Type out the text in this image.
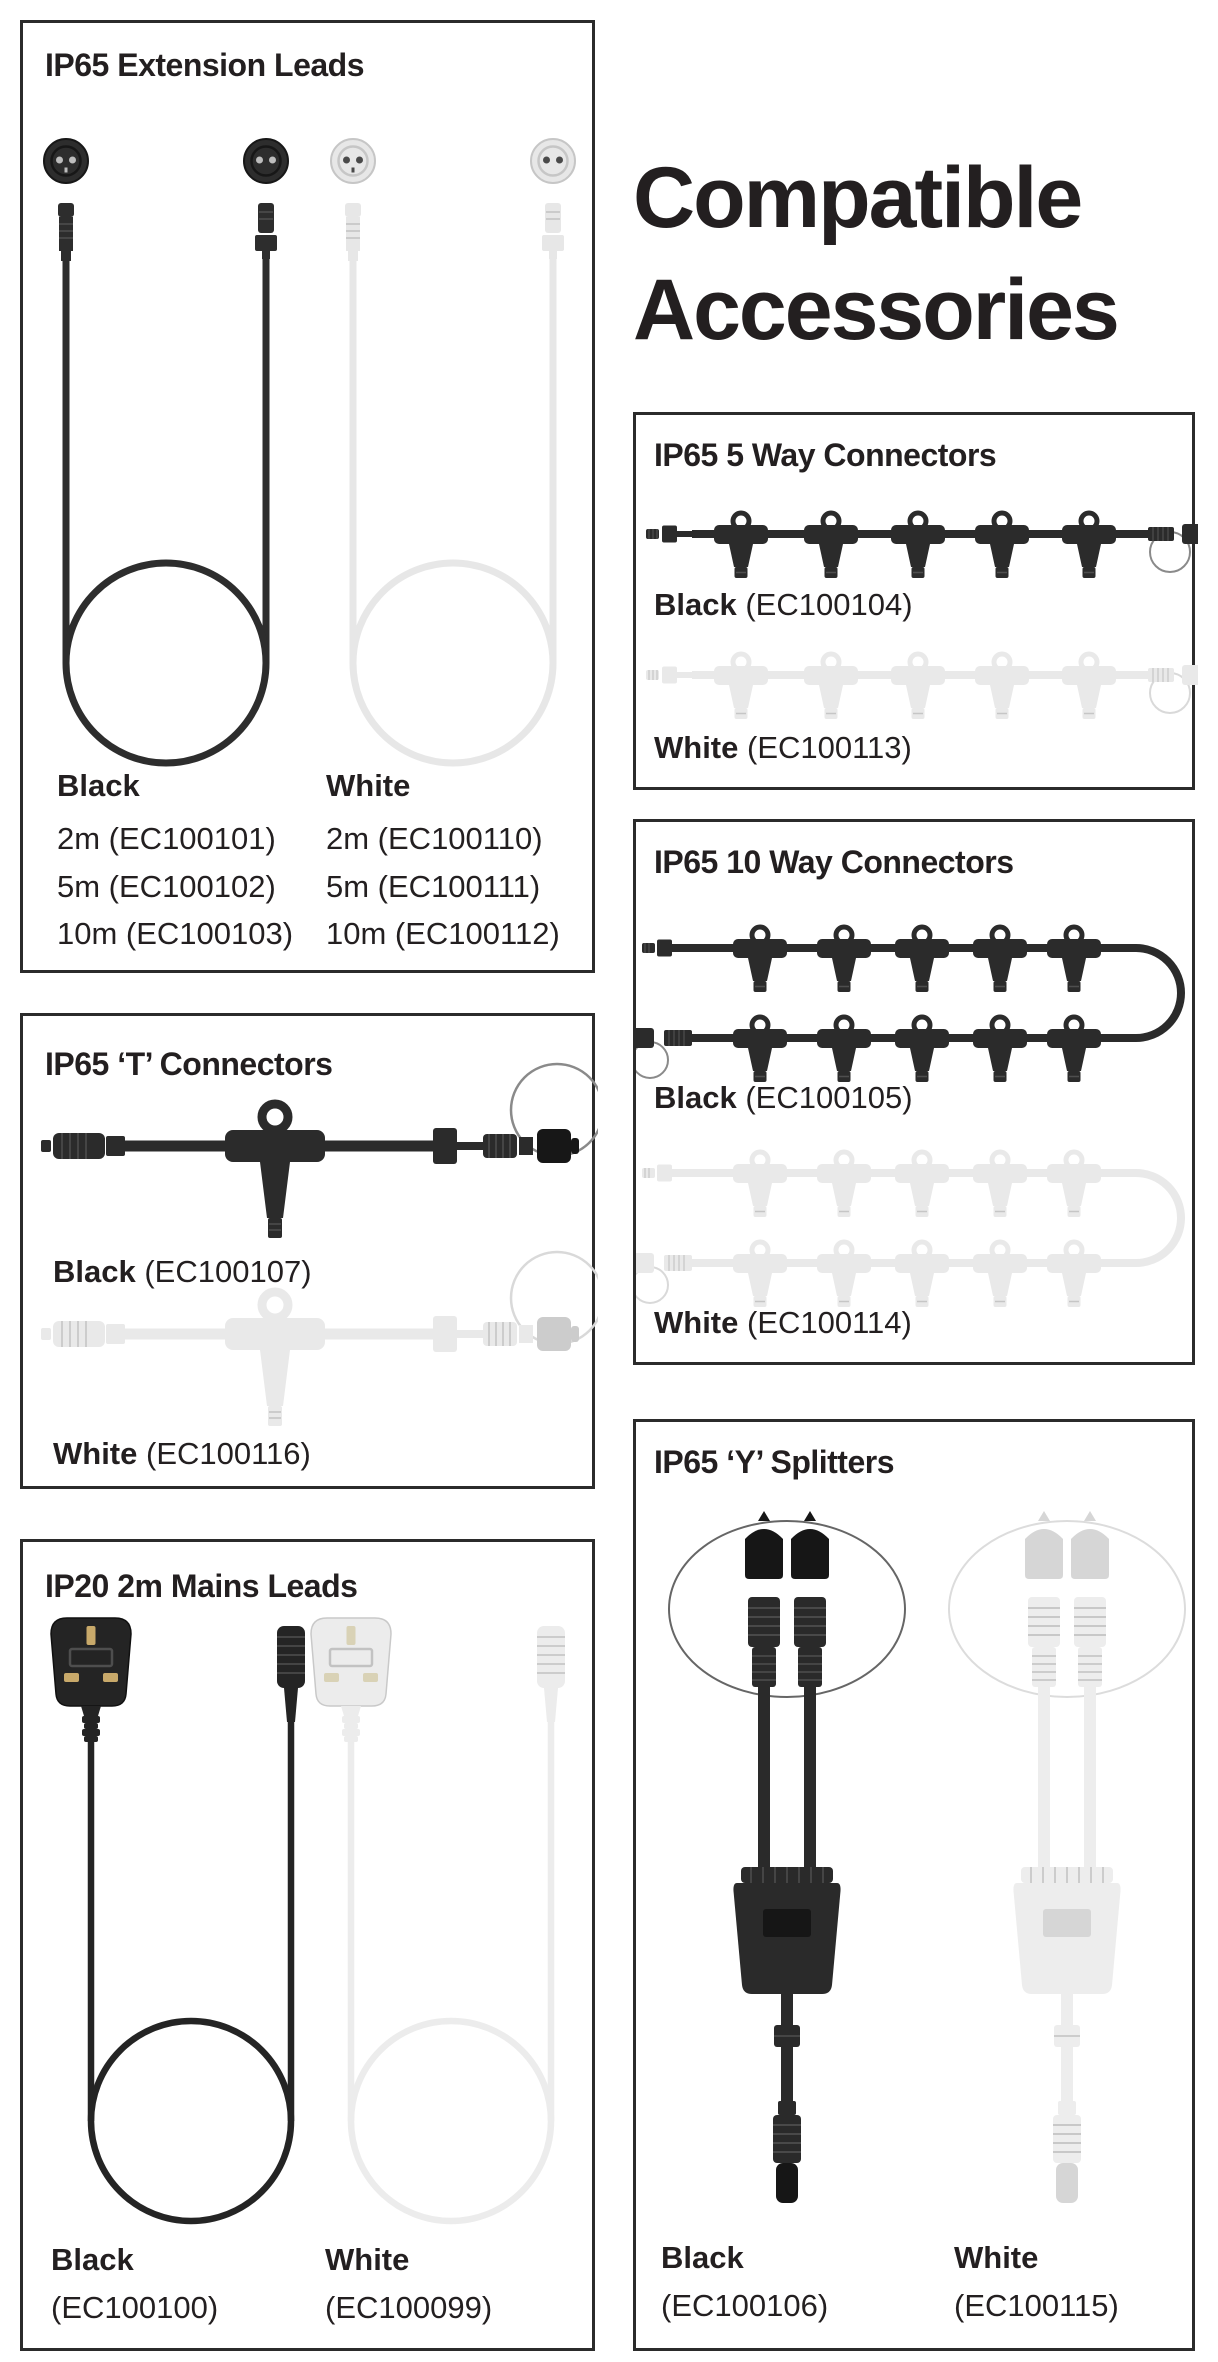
Compatible Accessories
IP65 Extension Leads
Black
2m (EC100101)
5m (EC100102)
10m (EC100103)
White
2m (EC100110)
5m (EC100111)
10m (EC100112)
IP65 ‘T’ Connectors
Black (EC100107)
White (EC100116)
IP20 2m Mains Leads
Black
(EC100100)
White
(EC100099)
IP65 5 Way Connectors
Black (EC100104)
White (EC100113)
IP65 10 Way Connectors
Black (EC100105)
White (EC100114)
IP65 ‘Y’ Splitters
Black
(EC100106)
White
(EC100115)
